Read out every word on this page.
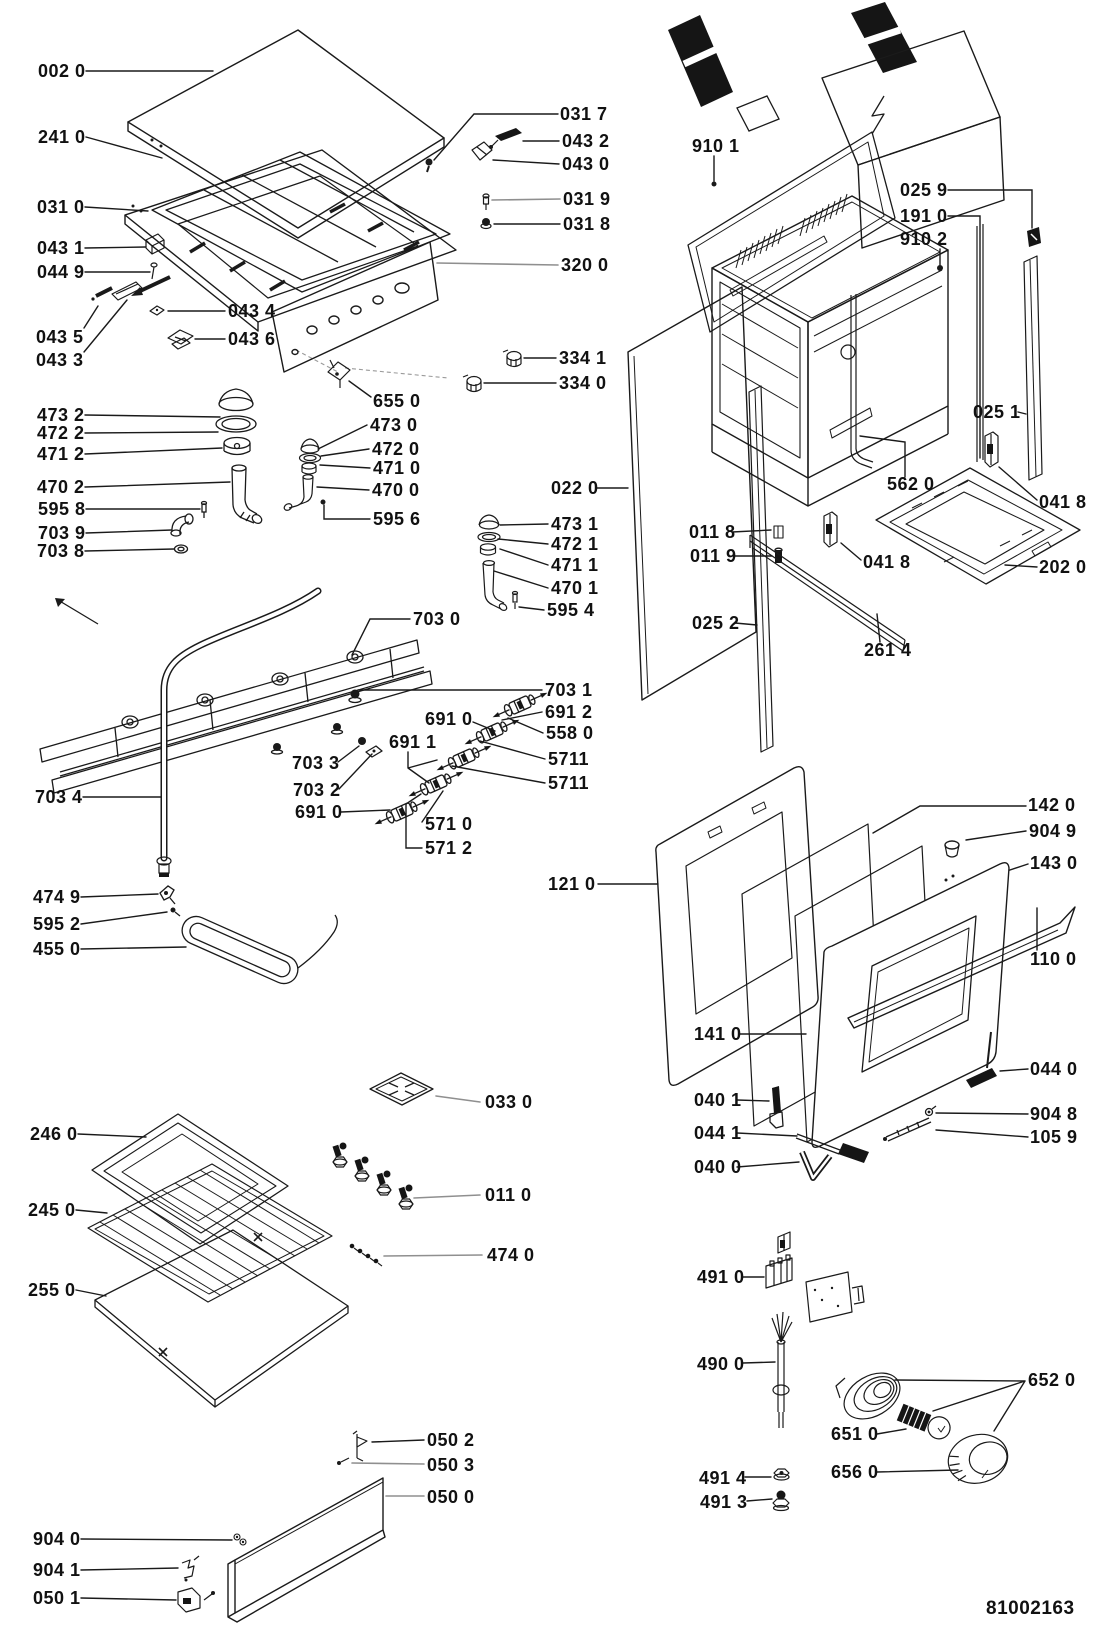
002 0
241 0
031 0
043 1
044 9
043 5
043 3
473 2
472 2
471 2
470 2
595 8
703 9
703 8
703 4
474 9
595 2
455 0
246 0
245 0
255 0
904 0
904 1
050 1
043 4
043 6
655 0
473 0
472 0
471 0
470 0
595 6
703 0
691 0
691 1
703 3
703 2
691 0
571 0
571 2
031 7
043 2
043 0
031 9
031 8
320 0
334 1
334 0
022 0
473 1
472 1
471 1
470 1
595 4
703 1
691 2
558 0
5711
5711
910 1
025 9
191 0
910 2
025 1
562 0
041 8
011 8
011 9	041 8	202 0
025 2
261 4
121 0
142 0
904 9
143 0
110 0
141 0
044 0
040 1
904 8
044 1	105 9
040 0
491 0
490 0
652 0
651 0
656 0
491 4
491 3
033 0
011 0
474 0
050 2
050 3
050 0
81002163
